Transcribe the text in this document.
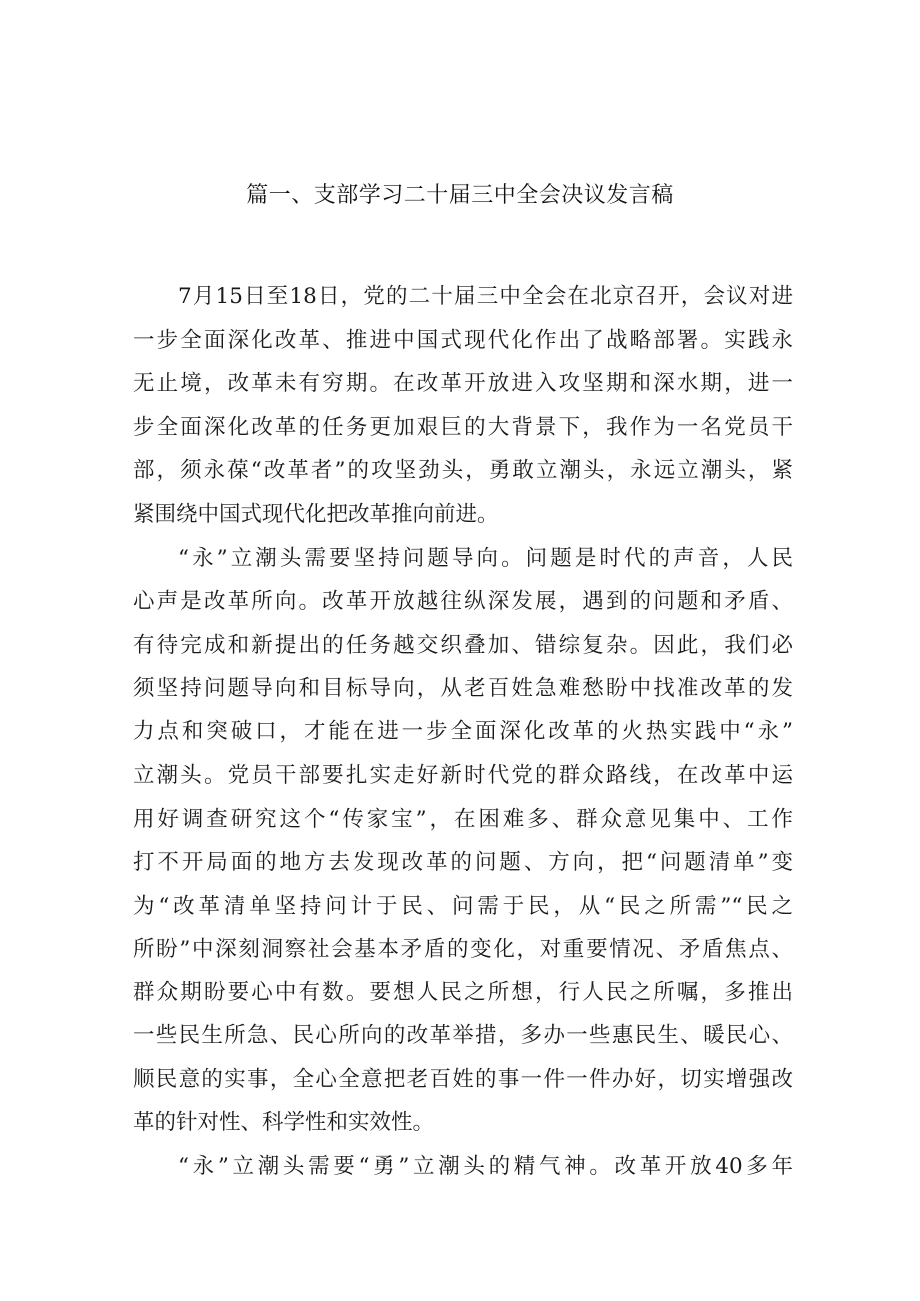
篇一、支部学习二十届三中全会决议发言稿
7月15日至18日，党的二十届三中全会在北京召开，会议对进
一步全面深化改革、推进中国式现代化作出了战略部署。实践永
无止境，改革未有穷期。在改革开放进入攻坚期和深水期，进一
步全面深化改革的任务更加艰巨的大背景下，我作为一名党员干
部，须永葆“改革者”的攻坚劲头，勇敢立潮头，永远立潮头，紧
紧围绕中国式现代化把改革推向前进。
“永”立潮头需要坚持问题导向。问题是时代的声音，人民
心声是改革所向。改革开放越往纵深发展，遇到的问题和矛盾、
有待完成和新提出的任务越交织叠加、错综复杂。因此，我们必
须坚持问题导向和目标导向，从老百姓急难愁盼中找准改革的发
力点和突破口，才能在进一步全面深化改革的火热实践中“永”
立潮头。党员干部要扎实走好新时代党的群众路线，在改革中运
用好调查研究这个“传家宝”，在困难多、群众意见集中、工作
打不开局面的地方去发现改革的问题、方向，把“问题清单”变
为“改革清单坚持问计于民、问需于民，从“民之所需”“民之
所盼”中深刻洞察社会基本矛盾的变化，对重要情况、矛盾焦点、
群众期盼要心中有数。要想人民之所想，行人民之所嘱，多推出
一些民生所急、民心所向的改革举措，多办一些惠民生、暖民心、
顺民意的实事，全心全意把老百姓的事一件一件办好，切实增强改
革的针对性、科学性和实效性。
“永”立潮头需要“勇”立潮头的精气神。改革开放40多年
